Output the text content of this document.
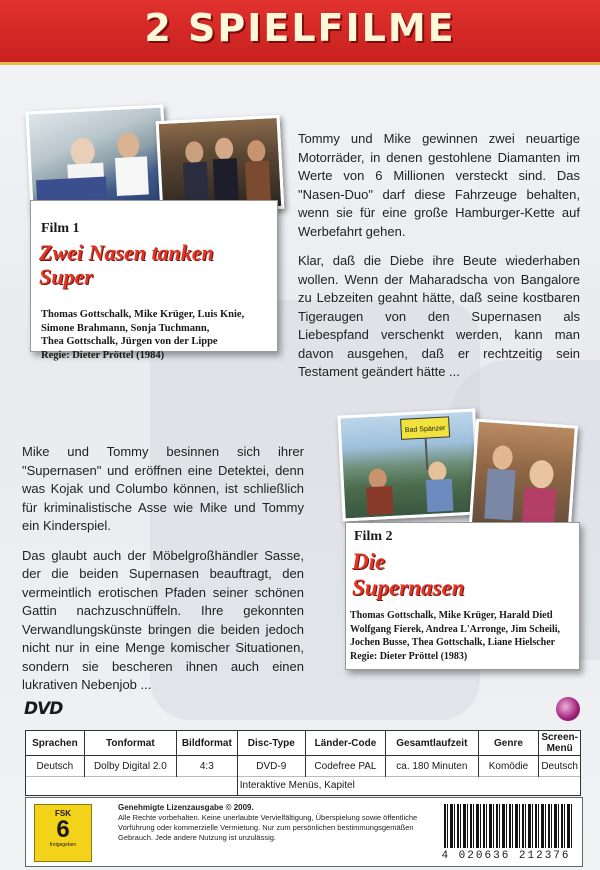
2 SPIELFILME
Film 1
Zwei Nasen tanken
Super
Thomas Gottschalk, Mike Krüger, Luis Knie,
Simone Brahmann, Sonja Tuchmann,
Thea Gottschalk, Jürgen von der Lippe
Regie: Dieter Pröttel (1984)

Tommy und Mike gewinnen zwei neuartige Motorräder, in denen gestohlene Diamanten im Werte von 6 Millionen versteckt sind. Das "Nasen-Duo" darf diese Fahrzeuge behalten, wenn sie für eine große Hamburger-Kette auf Werbefahrt gehen.

Klar, daß die Diebe ihre Beute wiederhaben wollen. Wenn der Maharadscha von Bangalore zu Lebzeiten geahnt hätte, daß seine kostbaren Tigeraugen von den Supernasen als Liebespfand verschenkt werden, kann man davon ausgehen, daß er rechtzeitig sein Testament geändert hätte ...

Mike und Tommy besinnen sich ihrer "Supernasen" und eröffnen eine Detektei, denn was Kojak und Columbo können, ist schließlich für kriminalistische Asse wie Mike und Tommy ein Kinderspiel.

Das glaubt auch der Möbelgroßhändler Sasse, der die beiden Supernasen beauftragt, den vermeintlich erotischen Pfaden seiner schönen Gattin nachzuschnüffeln. Ihre gekonnten Verwandlungskünste bringen die beiden jedoch nicht nur in eine Menge komischer Situationen, sondern sie bescheren ihnen auch einen lukrativen Nebenjob ...

Bad Spänzer
Film 2
Die Supernasen
Thomas Gottschalk, Mike Krüger, Harald Dietl
Wolfgang Fierek, Andrea L'Arronge, Jim Scheili,
Jochen Busse, Thea Gottschalk, Liane Hielscher
Regie: Dieter Pröttel (1983)
DVD
Sprachen	Tonformat	Bildformat	Disc-Type	Länder-Code	Gesamtlaufzeit	Genre	Screen-Menü
Deutsch	Dolby Digital 2.0	4:3	DVD-9	Codefree PAL	ca. 180 Minuten	Komödie	Deutsch
			Interaktive Menüs, Kapitel				
FSK
6
freigegeben
Genehmigte Lizenzausgabe © 2009.
Alle Rechte vorbehalten. Keine unerlaubte Vervielfältigung, Überspielung sowie öffentliche Vorführung oder kommerzielle Vermietung. Nur zum persönlichen bestimmungsgemäßen Gebrauch. Jede andere Nutzung ist unzulässig.
4 020636 212376
